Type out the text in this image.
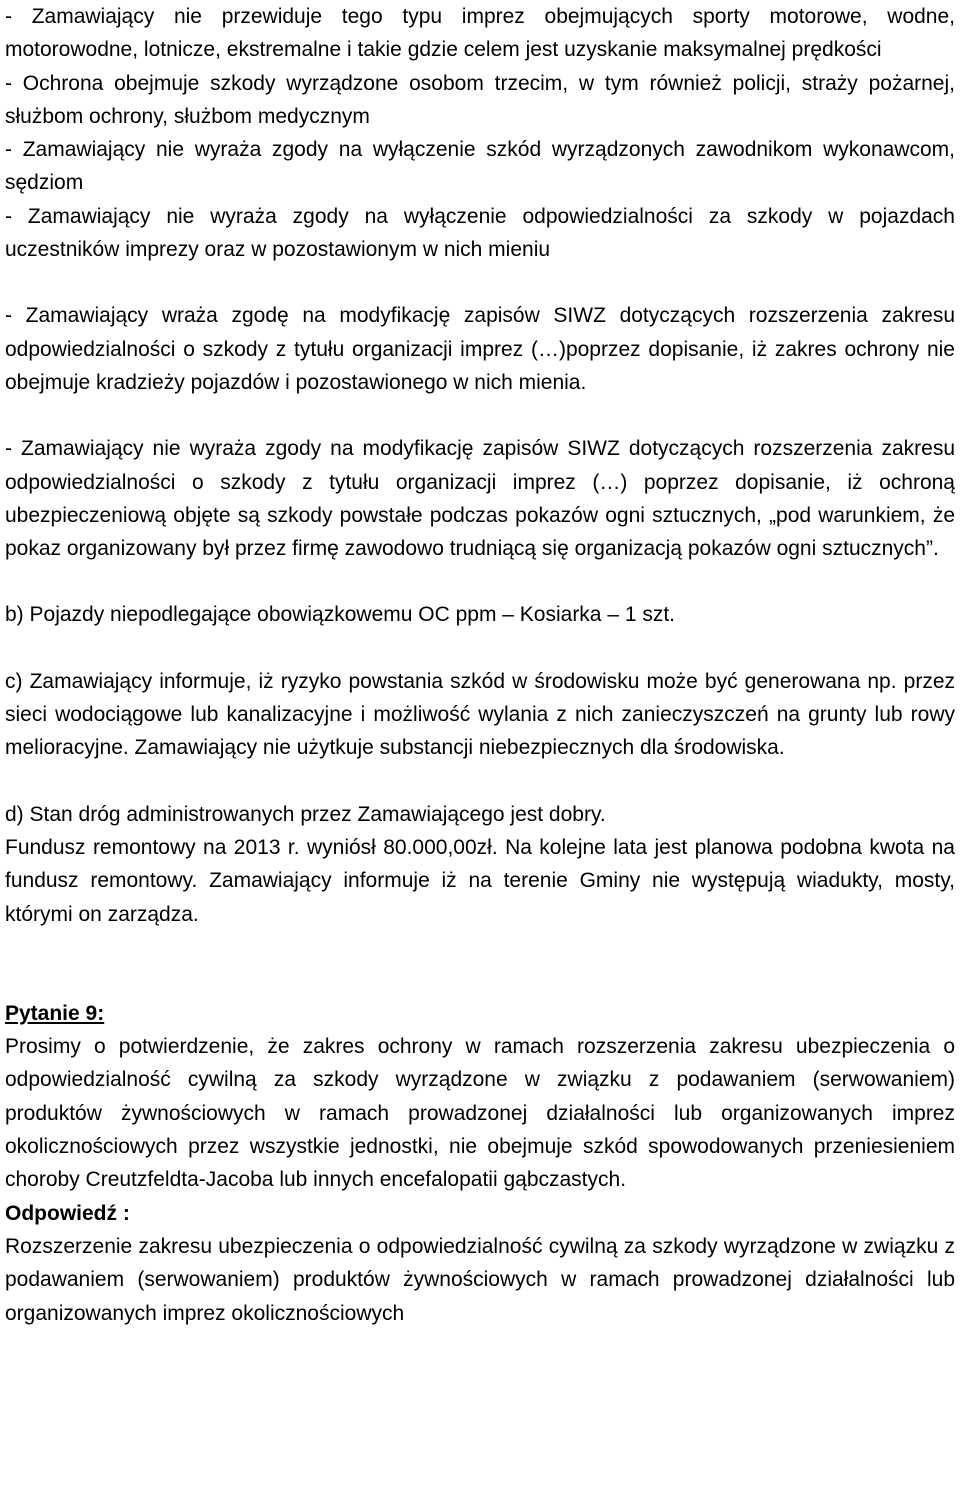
- Zamawiający nie przewiduje tego typu imprez obejmujących sporty motorowe, wodne, motorowodne, lotnicze, ekstremalne i takie gdzie celem jest uzyskanie maksymalnej prędkości

- Ochrona obejmuje szkody wyrządzone osobom trzecim, w tym również policji, straży pożarnej, służbom ochrony, służbom medycznym

- Zamawiający nie wyraża zgody na wyłączenie szkód wyrządzonych zawodnikom wykonawcom, sędziom

- Zamawiający nie wyraża zgody na wyłączenie odpowiedzialności za szkody w pojazdach uczestników imprezy oraz w pozostawionym w nich mieniu

- Zamawiający wraża zgodę na modyfikację zapisów SIWZ dotyczących rozszerzenia zakresu odpowiedzialności o szkody z tytułu organizacji imprez (…)poprzez dopisanie, iż zakres ochrony nie obejmuje kradzieży pojazdów i pozostawionego w nich mienia.

- Zamawiający nie wyraża zgody na modyfikację zapisów SIWZ dotyczących rozszerzenia zakresu odpowiedzialności o szkody z tytułu organizacji imprez (…) poprzez dopisanie, iż ochroną ubezpieczeniową objęte są szkody powstałe podczas pokazów ogni sztucznych, „pod warunkiem, że pokaz organizowany był przez firmę zawodowo trudniącą się organizacją pokazów ogni sztucznych”.

b) Pojazdy niepodlegające obowiązkowemu OC ppm – Kosiarka – 1 szt.

c) Zamawiający informuje, iż ryzyko powstania szkód w środowisku może być generowana np. przez sieci wodociągowe lub kanalizacyjne i możliwość wylania z nich zanieczyszczeń na grunty lub rowy melioracyjne. Zamawiający nie użytkuje substancji niebezpiecznych dla środowiska.

d) Stan dróg administrowanych przez Zamawiającego jest dobry.

Fundusz remontowy na 2013 r. wyniósł 80.000,00zł. Na kolejne lata jest planowa podobna kwota na fundusz remontowy. Zamawiający informuje iż na terenie Gminy nie występują wiadukty, mosty, którymi on zarządza.

Pytanie 9:

Prosimy o potwierdzenie, że zakres ochrony w ramach rozszerzenia zakresu ubezpieczenia o odpowiedzialność cywilną za szkody wyrządzone w związku z podawaniem (serwowaniem) produktów żywnościowych w ramach prowadzonej działalności lub organizowanych imprez okolicznościowych przez wszystkie jednostki, nie obejmuje szkód spowodowanych przeniesieniem choroby Creutzfeldta-Jacoba lub innych encefalopatii gąbczastych.

Odpowiedź :

Rozszerzenie zakresu ubezpieczenia o odpowiedzialność cywilną za szkody wyrządzone w związku z podawaniem (serwowaniem) produktów żywnościowych w ramach prowadzonej działalności lub organizowanych imprez okolicznościowych
